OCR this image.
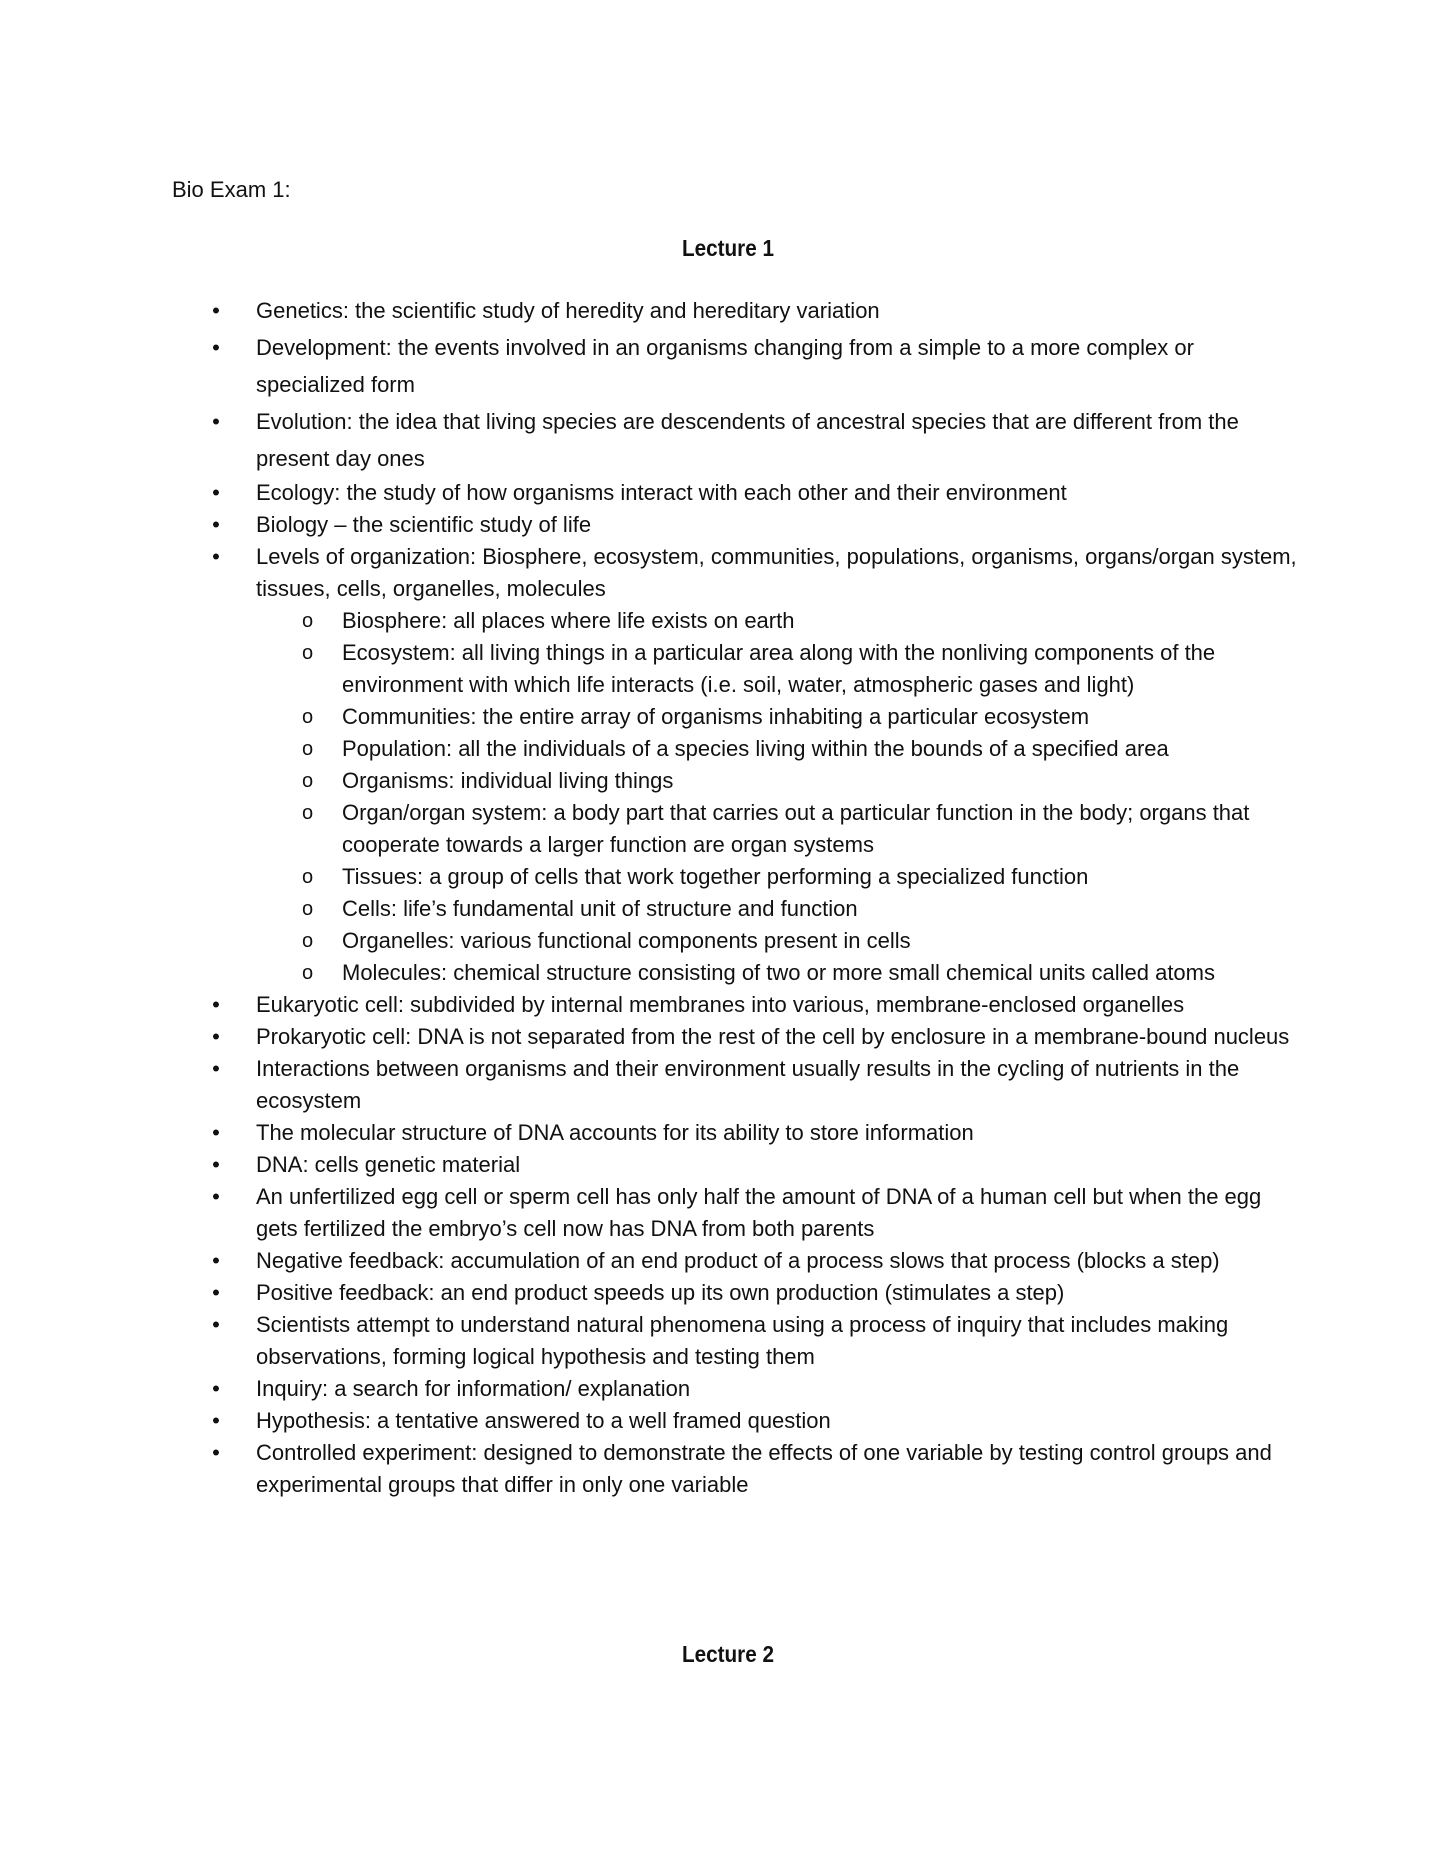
Bio Exam 1:
Lecture 1
• Genetics: the scientific study of heredity and hereditary variation
• Development: the events involved in an organisms changing from a simple to a more complex or specialized form
• Evolution: the idea that living species are descendents of ancestral species that are different from the present day ones
• Ecology: the study of how organisms interact with each other and their environment
• Biology – the scientific study of life
• Levels of organization: Biosphere, ecosystem, communities, populations, organisms, organs/organ system, tissues, cells, organelles, molecules
o Biosphere: all places where life exists on earth
o Ecosystem: all living things in a particular area along with the nonliving components of the environment with which life interacts (i.e. soil, water, atmospheric gases and light)
o Communities: the entire array of organisms inhabiting a particular ecosystem
o Population: all the individuals of a species living within the bounds of a specified area
o Organisms: individual living things
o Organ/organ system: a body part that carries out a particular function in the body; organs that cooperate towards a larger function are organ systems
o Tissues: a group of cells that work together performing a specialized function
o Cells: life’s fundamental unit of structure and function
o Organelles: various functional components present in cells
o Molecules: chemical structure consisting of two or more small chemical units called atoms
• Eukaryotic cell: subdivided by internal membranes into various, membrane-enclosed organelles
• Prokaryotic cell: DNA is not separated from the rest of the cell by enclosure in a membrane-bound nucleus
• Interactions between organisms and their environment usually results in the cycling of nutrients in the ecosystem
• The molecular structure of DNA accounts for its ability to store information
• DNA: cells genetic material
• An unfertilized egg cell or sperm cell has only half the amount of DNA of a human cell but when the egg gets fertilized the embryo’s cell now has DNA from both parents
• Negative feedback: accumulation of an end product of a process slows that process (blocks a step)
• Positive feedback: an end product speeds up its own production (stimulates a step)
• Scientists attempt to understand natural phenomena using a process of inquiry that includes making observations, forming logical hypothesis and testing them
• Inquiry: a search for information/ explanation
• Hypothesis: a tentative answered to a well framed question
• Controlled experiment: designed to demonstrate the effects of one variable by testing control groups and experimental groups that differ in only one variable
Lecture 2
